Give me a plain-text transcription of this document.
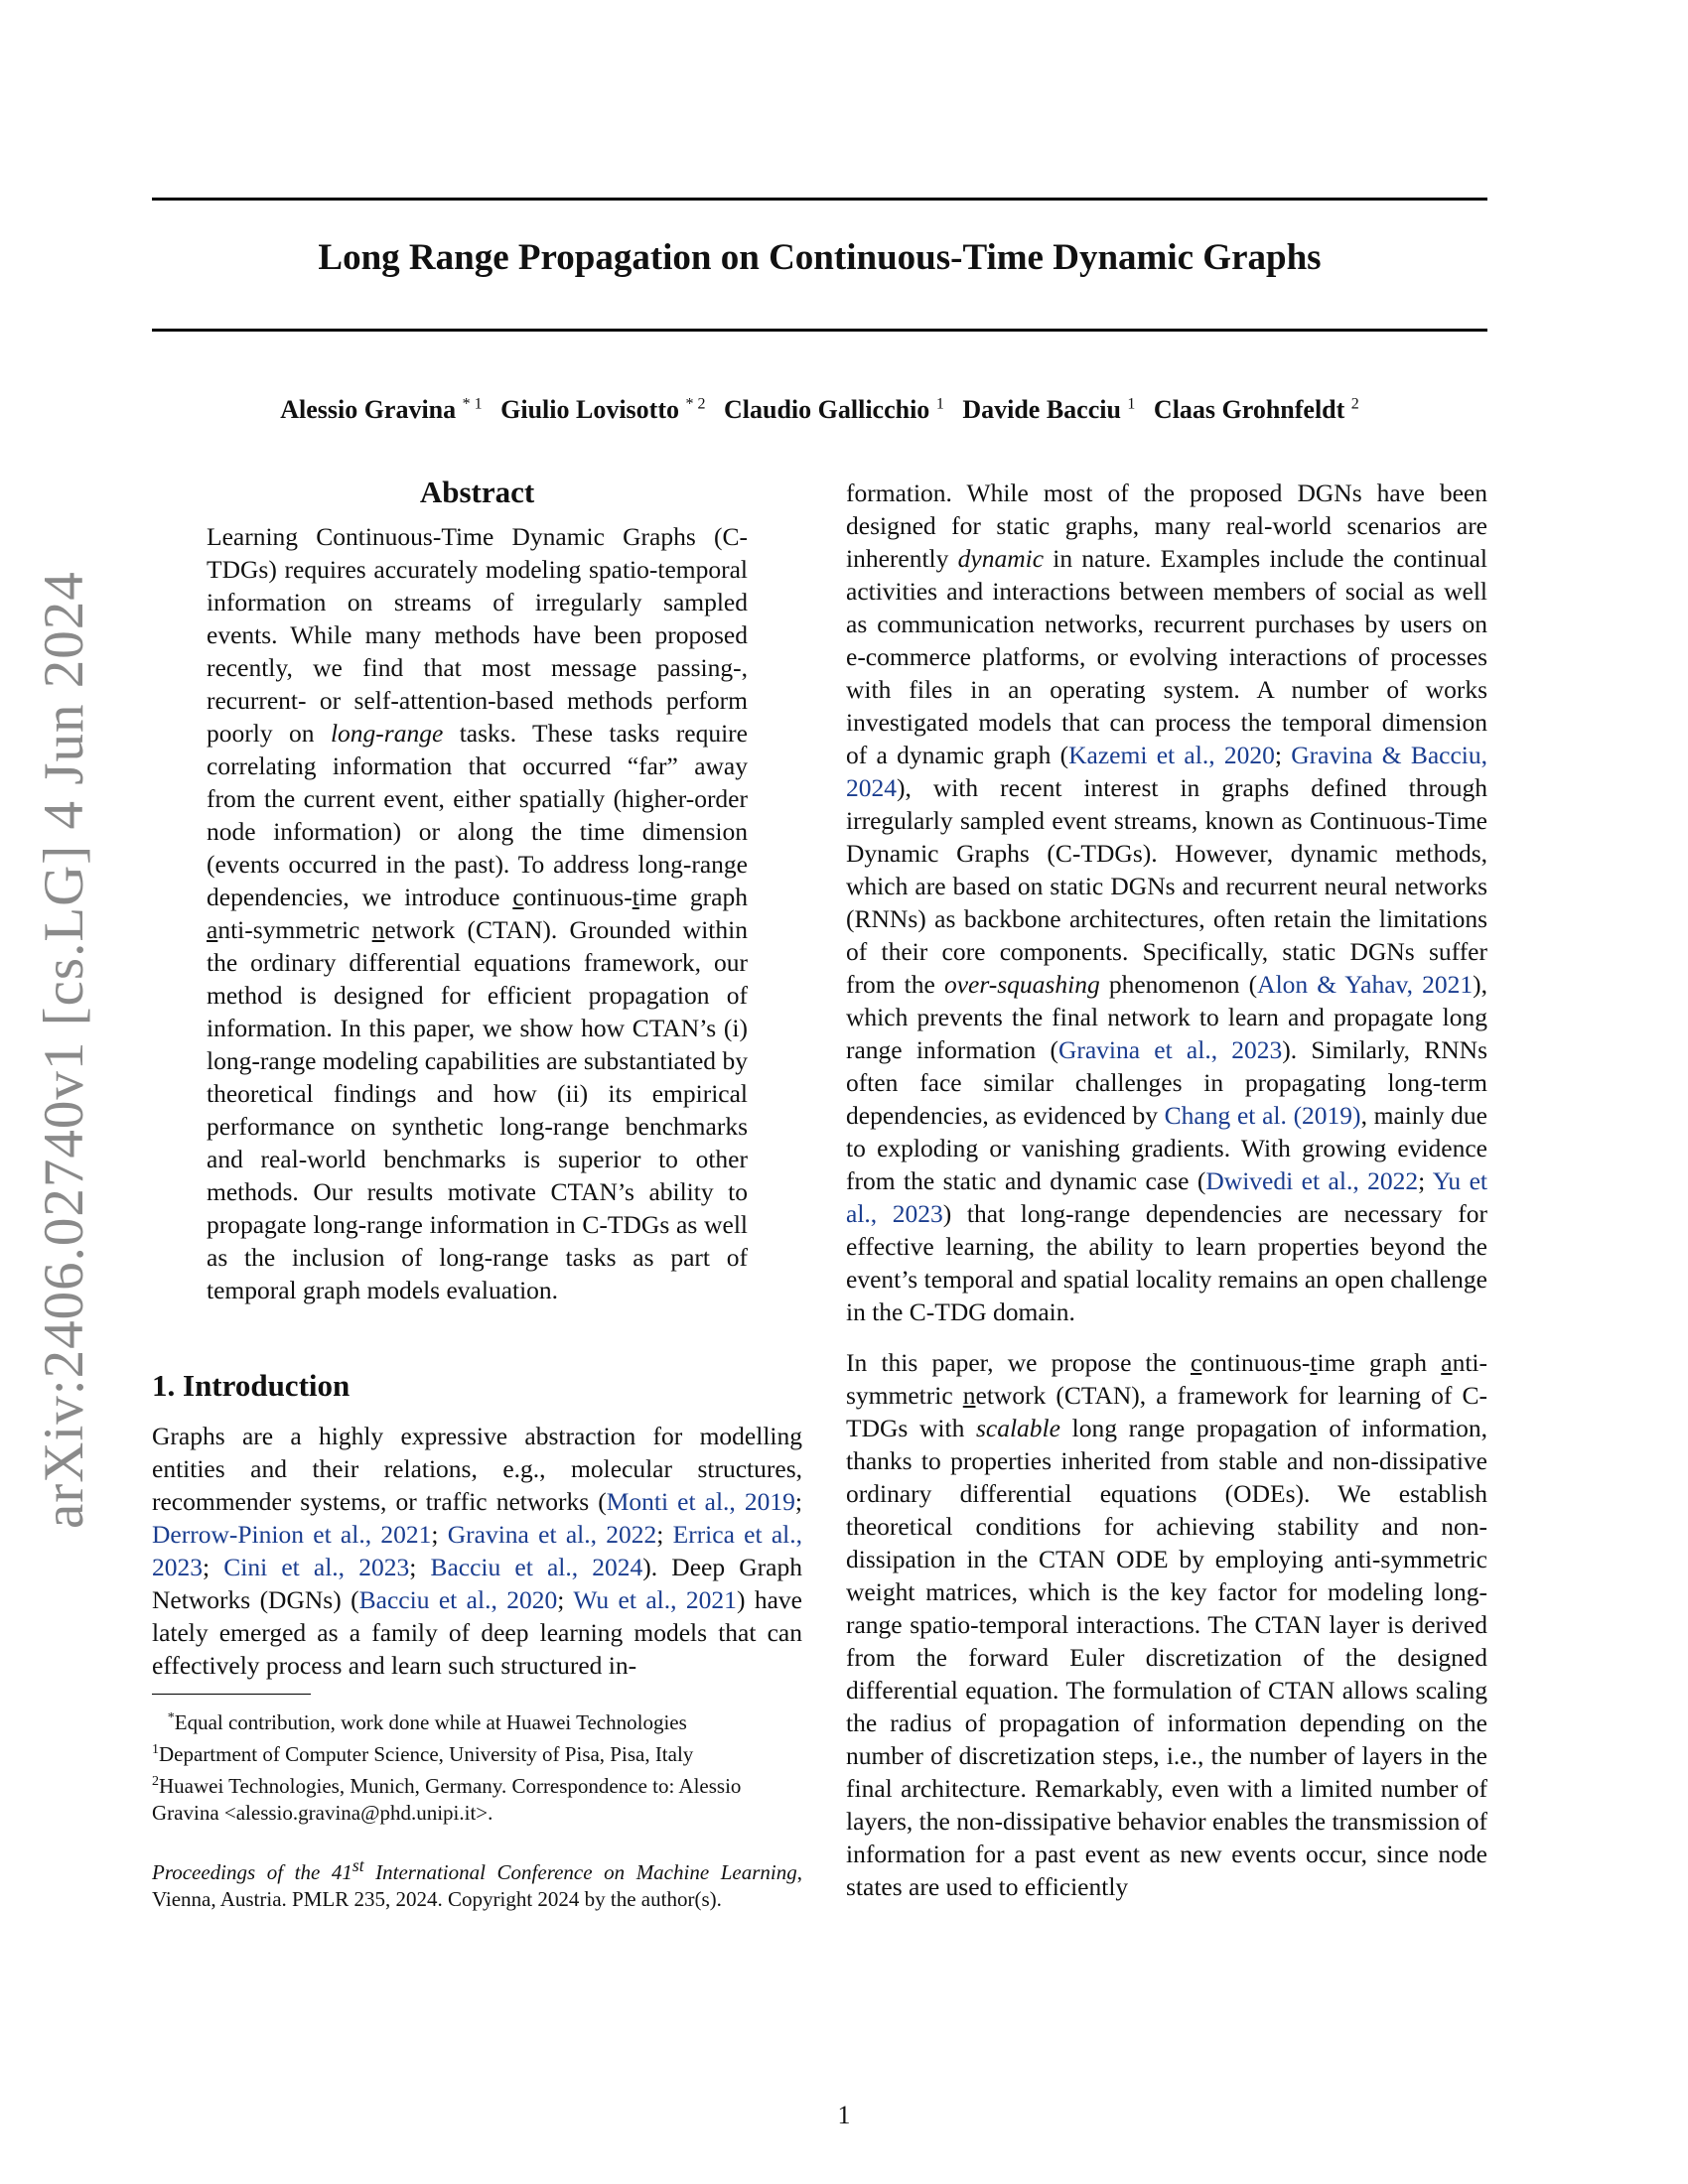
arXiv:2406.02740v1 [cs.LG] 4 Jun 2024
Long Range Propagation on Continuous-Time Dynamic Graphs
Alessio Gravina $^{* 1}$ Giulio Lovisotto $^{* 2}$ Claudio Gallicchio $^1$ Davide Bacciu $^1$ Claas Grohnfeldt $^2$
Abstract

Learning Continuous-Time Dynamic Graphs (C-TDGs) requires accurately modeling spatio-temporal information on streams of irregularly sampled events. While many methods have been proposed recently, we find that most message passing-, recurrent- or self-attention-based methods perform poorly on long-range tasks. These tasks require correlating information that occurred “far” away from the current event, either spatially (higher-order node information) or along the time dimension (events occurred in the past). To address long-range dependencies, we introduce continuous-time graph anti-symmetric network (CTAN). Grounded within the ordinary differential equations framework, our method is designed for efficient propagation of information. In this paper, we show how CTAN’s (i) long-range modeling capabilities are substantiated by theoretical findings and how (ii) its empirical performance on synthetic long-range benchmarks and real-world benchmarks is superior to other methods. Our results motivate CTAN’s ability to propagate long-range information in C-TDGs as well as the inclusion of long-range tasks as part of temporal graph models evaluation.

1. Introduction

Graphs are a highly expressive abstraction for modelling entities and their relations, e.g., molecular structures, recommender systems, or traffic networks (Monti et al., 2019; Derrow-Pinion et al., 2021; Gravina et al., 2022; Errica et al., 2023; Cini et al., 2023; Bacciu et al., 2024). Deep Graph Networks (DGNs) (Bacciu et al., 2020; Wu et al., 2021) have lately emerged as a family of deep learning models that can effectively process and learn such structured in-

*Equal contribution, work done while at Huawei Technologies

$^1$Department of Computer Science, University of Pisa, Pisa, Italy

$^2$Huawei Technologies, Munich, Germany. Correspondence to: Alessio Gravina <alessio.gravina@phd.unipi.it>.

Proceedings of the 41st International Conference on Machine Learning, Vienna, Austria. PMLR 235, 2024. Copyright 2024 by the author(s).

formation. While most of the proposed DGNs have been designed for static graphs, many real-world scenarios are inherently dynamic in nature. Examples include the continual activities and interactions between members of social as well as communication networks, recurrent purchases by users on e-commerce platforms, or evolving interactions of processes with files in an operating system. A number of works investigated models that can process the temporal dimension of a dynamic graph (Kazemi et al., 2020; Gravina & Bacciu, 2024), with recent interest in graphs defined through irregularly sampled event streams, known as Continuous-Time Dynamic Graphs (C-TDGs). However, dynamic methods, which are based on static DGNs and recurrent neural networks (RNNs) as backbone architectures, often retain the limitations of their core components. Specifically, static DGNs suffer from the over-squashing phenomenon (Alon & Yahav, 2021), which prevents the final network to learn and propagate long range information (Gravina et al., 2023). Similarly, RNNs often face similar challenges in propagating long-term dependencies, as evidenced by Chang et al. (2019), mainly due to exploding or vanishing gradients. With growing evidence from the static and dynamic case (Dwivedi et al., 2022; Yu et al., 2023) that long-range dependencies are necessary for effective learning, the ability to learn properties beyond the event’s temporal and spatial locality remains an open challenge in the C-TDG domain.

In this paper, we propose the continuous-time graph anti-symmetric network (CTAN), a framework for learning of C-TDGs with scalable long range propagation of information, thanks to properties inherited from stable and non-dissipative ordinary differential equations (ODEs). We establish theoretical conditions for achieving stability and non-dissipation in the CTAN ODE by employing anti-symmetric weight matrices, which is the key factor for modeling long-range spatio-temporal interactions. The CTAN layer is derived from the forward Euler discretization of the designed differential equation. The formulation of CTAN allows scaling the radius of propagation of information depending on the number of discretization steps, i.e., the number of layers in the final architecture. Remarkably, even with a limited number of layers, the non-dissipative behavior enables the transmission of information for a past event as new events occur, since node states are used to efficiently

1
